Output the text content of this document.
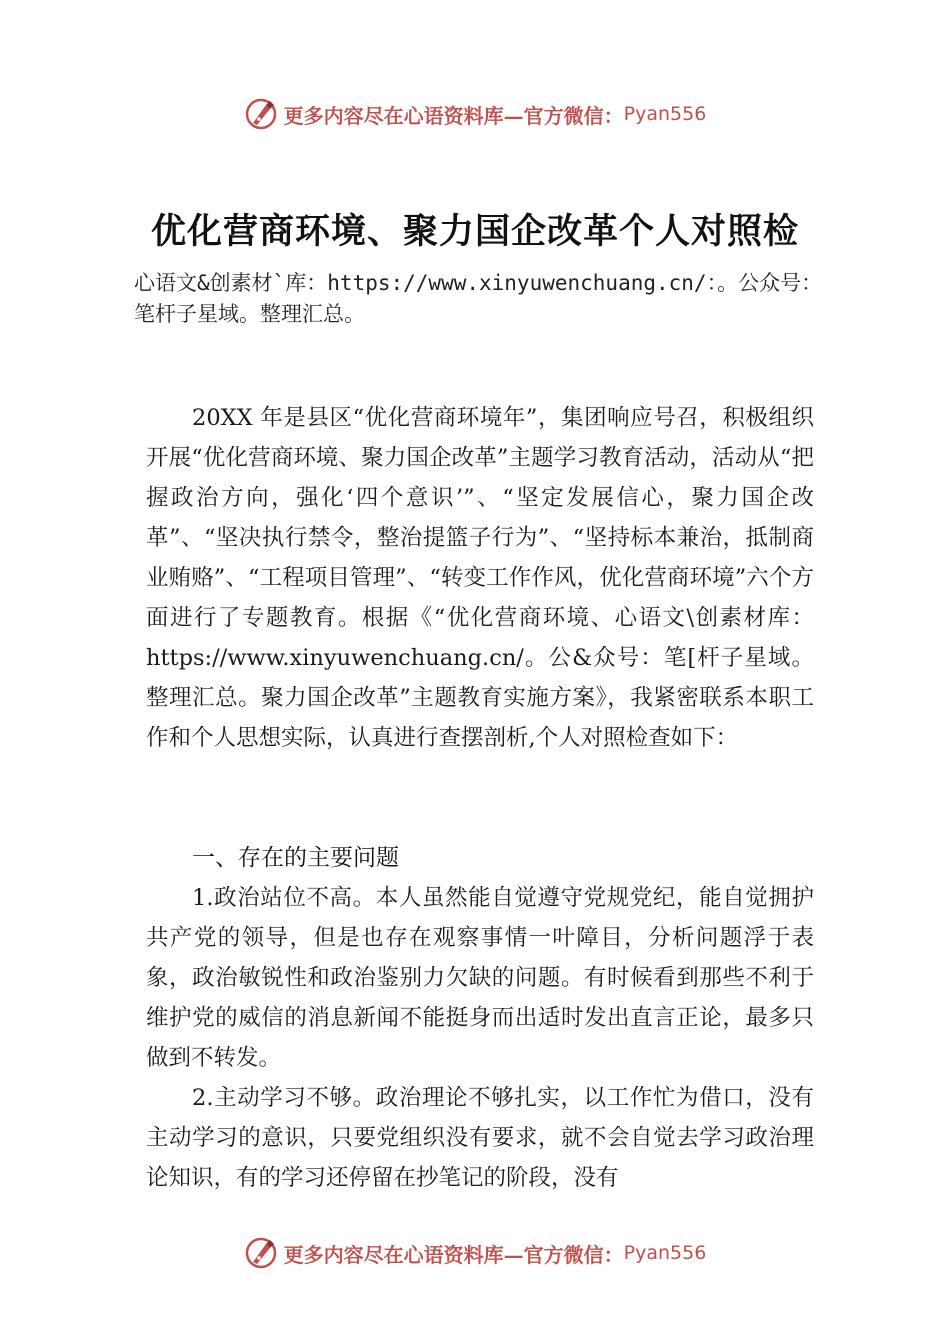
更多内容尽在心语资料库— 官方微信： Pyan556
优化营商环境、聚力国企改革个人对照检
心语文&创素材`库：https://www.xinyuwenchuang.cn/：。公众号：笔杆子星域。整理汇总。
20XX 年是县区“优化营商环境年”，集团响应号召，积极组织开展“优化营商环境、聚力国企改革”主题学习教育活动，活动从“把握政治方向，强化‘四个意识’”、“坚定发展信心，聚力国企改革”、“坚决执行禁令，整治提篮子行为”、“坚持标本兼治，抵制商业贿赂”、“工程项目管理”、“转变工作作风，优化营商环境”六个方面进行了专题教育。根据《“优化营商环境、心语文\创素材库：https://www.xinyuwenchuang.cn/。公&众号：笔[杆子星域。整理汇总。聚力国企改革”主题教育实施方案》，我紧密联系本职工作和个人思想实际，认真进行查摆剖析,个人对照检查如下：
一、存在的主要问题
1.政治站位不高。本人虽然能自觉遵守党规党纪，能自觉拥护共产党的领导，但是也存在观察事情一叶障目，分析问题浮于表象，政治敏锐性和政治鉴别力欠缺的问题。有时候看到那些不利于维护党的威信的消息新闻不能挺身而出适时发出直言正论，最多只做到不转发。
2.主动学习不够。政治理论不够扎实，以工作忙为借口，没有主动学习的意识，只要党组织没有要求，就不会自觉去学习政治理论知识，有的学习还停留在抄笔记的阶段，没有
更多内容尽在心语资料库— 官方微信： Pyan556
